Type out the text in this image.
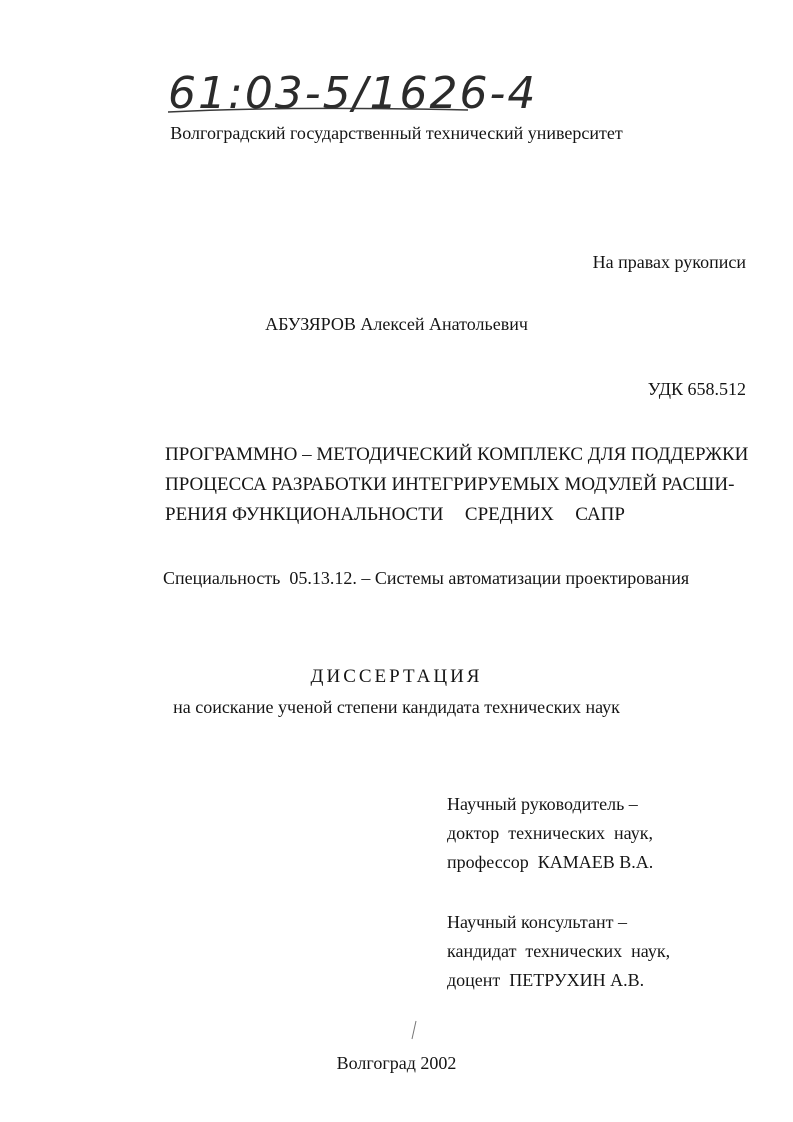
61:03-5/1626-4
Волгоградский государственный технический университет
На правах рукописи
АБУЗЯРОВ Алексей Анатольевич
УДК 658.512
ПРОГРАММНО – МЕТОДИЧЕСКИЙ КОМПЛЕКС ДЛЯ ПОДДЕРЖКИ
ПРОЦЕССА РАЗРАБОТКИ ИНТЕГРИРУЕМЫХ МОДУЛЕЙ РАСШИ-
РЕНИЯ ФУНКЦИОНАЛЬНОСТИ СРЕДНИХ САПР
Специальность  05.13.12. – Системы автоматизации проектирования
ДИССЕРТАЦИЯ
на соискание ученой степени кандидата технических наук
Научный руководитель –
доктор  технических  наук,
профессор  КАМАЕВ В.А.
Научный консультант –
кандидат  технических  наук,
доцент  ПЕТРУХИН А.В.
Волгоград 2002
